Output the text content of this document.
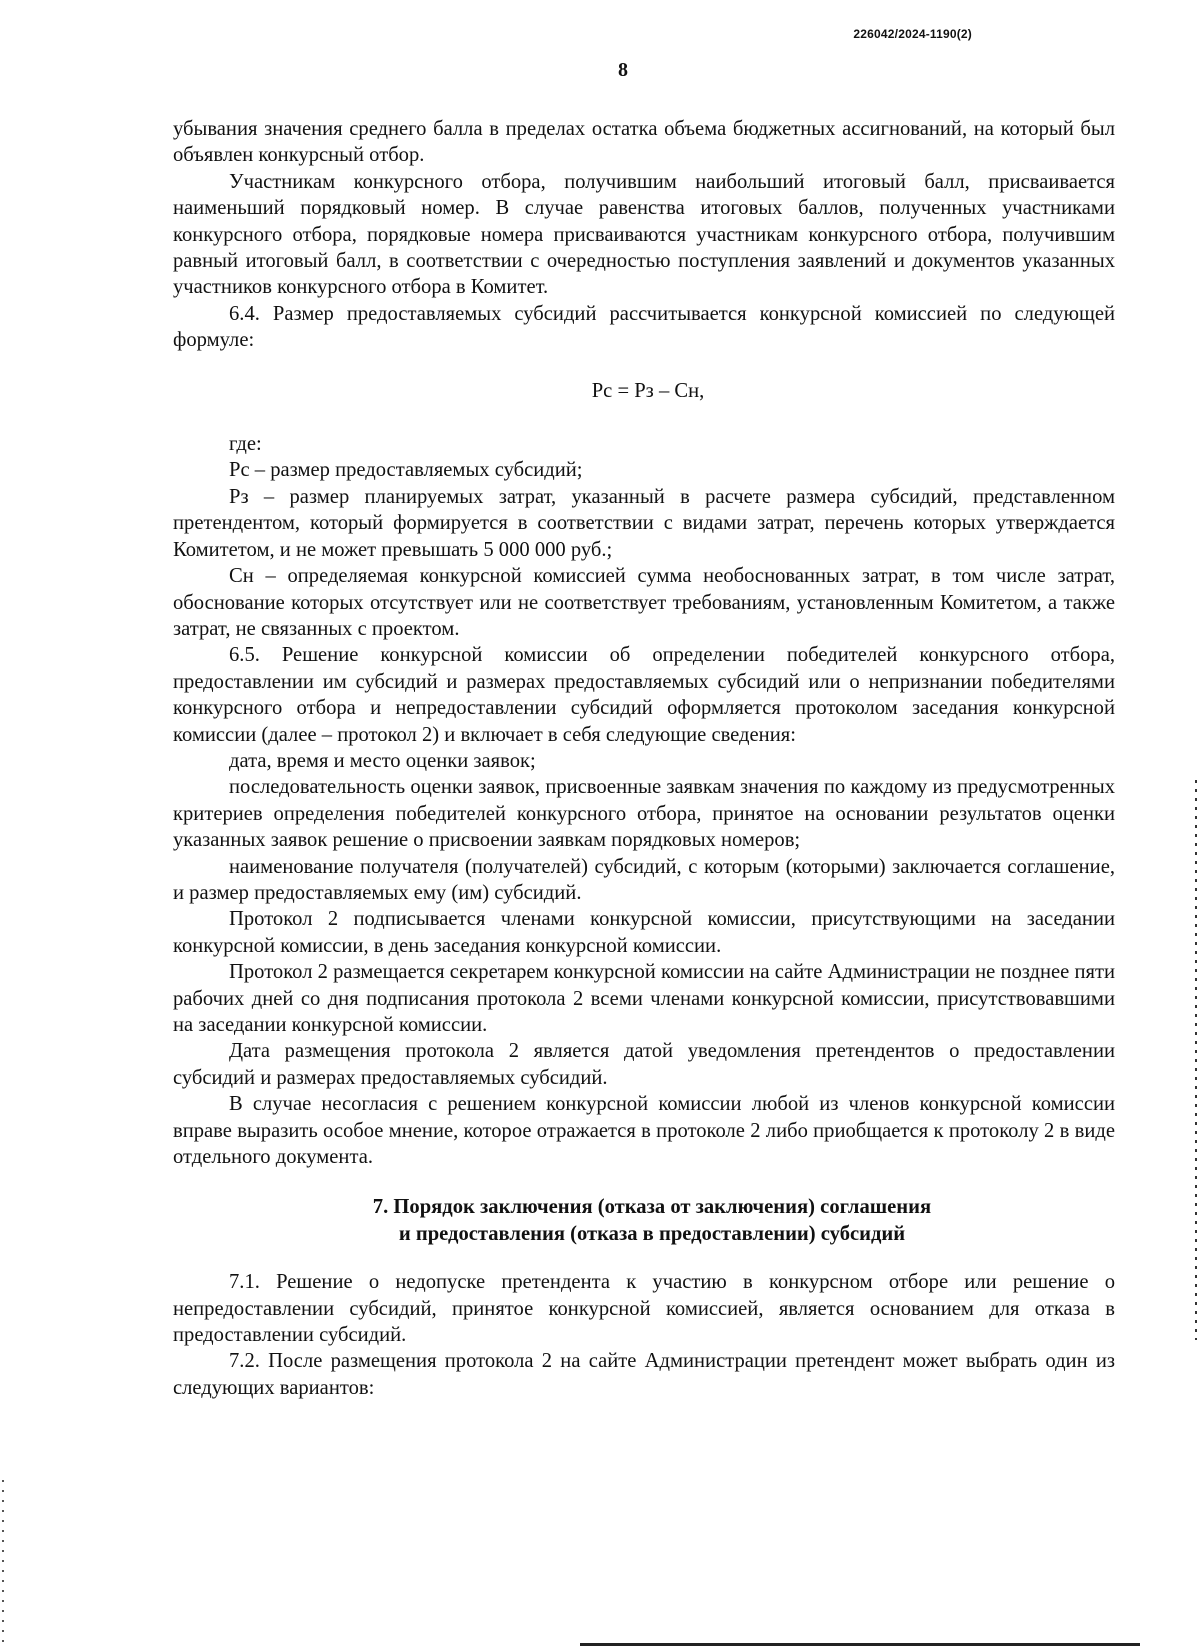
226042/2024-1190(2)
8

убывания значения среднего балла в пределах остатка объема бюджетных ассигнований, на который был объявлен конкурсный отбор.

Участникам конкурсного отбора, получившим наибольший итоговый балл, присваивается наименьший порядковый номер. В случае равенства итоговых баллов, полученных участниками конкурсного отбора, порядковые номера присваиваются участникам конкурсного отбора, получившим равный итоговый балл, в соответствии с очередностью поступления заявлений и документов указанных участников конкурсного отбора в Комитет.

6.4. Размер предоставляемых субсидий рассчитывается конкурсной комиссией по следующей формуле:

Рс = Рз – Сн,

где:

Рс – размер предоставляемых субсидий;

Рз – размер планируемых затрат, указанный в расчете размера субсидий, представленном претендентом, который формируется в соответствии с видами затрат, перечень которых утверждается Комитетом, и не может превышать 5 000 000 руб.;

Сн – определяемая конкурсной комиссией сумма необоснованных затрат, в том числе затрат, обоснование которых отсутствует или не соответствует требованиям, установленным Комитетом, а также затрат, не связанных с проектом.

6.5. Решение конкурсной комиссии об определении победителей конкурсного отбора, предоставлении им субсидий и размерах предоставляемых субсидий или о непризнании победителями конкурсного отбора и непредоставлении субсидий оформляется протоколом заседания конкурсной комиссии (далее – протокол 2) и включает в себя следующие сведения:

дата, время и место оценки заявок;

последовательность оценки заявок, присвоенные заявкам значения по каждому из предусмотренных критериев определения победителей конкурсного отбора, принятое на основании результатов оценки указанных заявок решение о присвоении заявкам порядковых номеров;

наименование получателя (получателей) субсидий, с которым (которыми) заключается соглашение, и размер предоставляемых ему (им) субсидий.

Протокол 2 подписывается членами конкурсной комиссии, присутствующими на заседании конкурсной комиссии, в день заседания конкурсной комиссии.

Протокол 2 размещается секретарем конкурсной комиссии на сайте Администрации не позднее пяти рабочих дней со дня подписания протокола 2 всеми членами конкурсной комиссии, присутствовавшими на заседании конкурсной комиссии.

Дата размещения протокола 2 является датой уведомления претендентов о предоставлении субсидий и размерах предоставляемых субсидий.

В случае несогласия с решением конкурсной комиссии любой из членов конкурсной комиссии вправе выразить особое мнение, которое отражается в протоколе 2 либо приобщается к протоколу 2 в виде отдельного документа.

7. Порядок заключения (отказа от заключения) соглашения
и предоставления (отказа в предоставлении) субсидий

7.1. Решение о недопуске претендента к участию в конкурсном отборе или решение о непредоставлении субсидий, принятое конкурсной комиссией, является основанием для отказа в предоставлении субсидий.

7.2. После размещения протокола 2 на сайте Администрации претендент может выбрать один из следующих вариантов:
